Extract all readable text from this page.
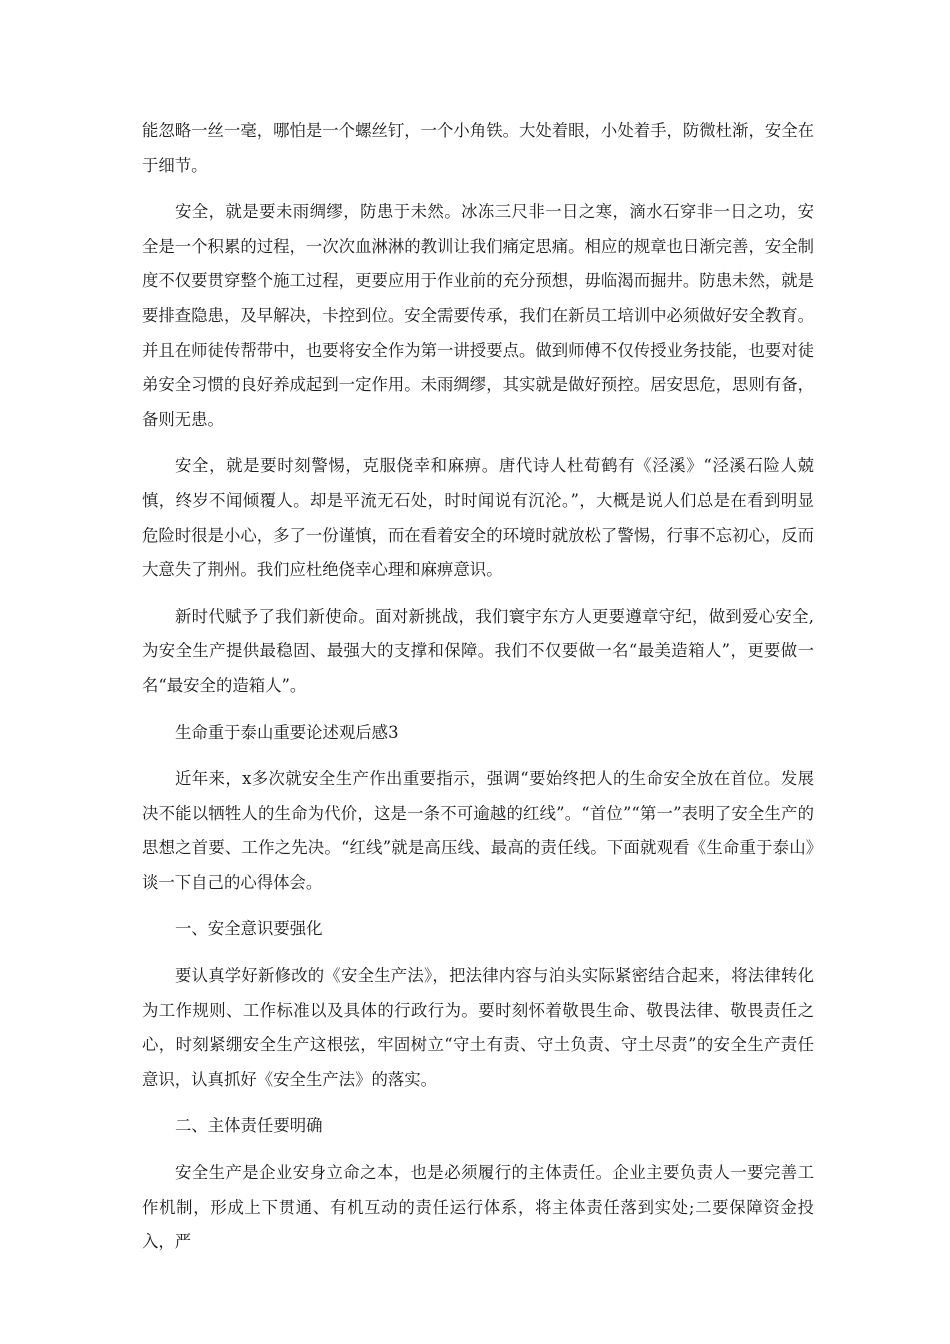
能忽略一丝一毫，哪怕是一个螺丝钉，一个小角铁。大处着眼，小处着手，防微杜渐，安全在于细节。

安全，就是要未雨绸缪，防患于未然。冰冻三尺非一日之寒，滴水石穿非一日之功，安全是一个积累的过程，一次次血淋淋的教训让我们痛定思痛。相应的规章也日渐完善，安全制度不仅要贯穿整个施工过程，更要应用于作业前的充分预想，毋临渴而掘井。防患未然，就是要排查隐患，及早解决，卡控到位。安全需要传承，我们在新员工培训中必须做好安全教育。并且在师徒传帮带中，也要将安全作为第一讲授要点。做到师傅不仅传授业务技能，也要对徒弟安全习惯的良好养成起到一定作用。未雨绸缪，其实就是做好预控。居安思危，思则有备，备则无患。

安全，就是要时刻警惕，克服侥幸和麻痹。唐代诗人杜荀鹤有《泾溪》“泾溪石险人兢慎，终岁不闻倾覆人。却是平流无石处，时时闻说有沉沦。”，大概是说人们总是在看到明显危险时很是小心，多了一份谨慎，而在看着安全的环境时就放松了警惕，行事不忘初心，反而大意失了荆州。我们应杜绝侥幸心理和麻痹意识。

新时代赋予了我们新使命。面对新挑战，我们寰宇东方人更要遵章守纪，做到爱心安全,为安全生产提供最稳固、最强大的支撑和保障。我们不仅要做一名“最美造箱人”，更要做一名“最安全的造箱人”。

生命重于泰山重要论述观后感3

近年来，x多次就安全生产作出重要指示，强调“要始终把人的生命安全放在首位。发展决不能以牺牲人的生命为代价，这是一条不可逾越的红线”。“首位”“第一”表明了安全生产的思想之首要、工作之先决。“红线”就是高压线、最高的责任线。下面就观看《生命重于泰山》谈一下自己的心得体会。

一、安全意识要强化

要认真学好新修改的《安全生产法》，把法律内容与泊头实际紧密结合起来，将法律转化为工作规则、工作标准以及具体的行政行为。要时刻怀着敬畏生命、敬畏法律、敬畏责任之心，时刻紧绷安全生产这根弦，牢固树立“守土有责、守土负责、守土尽责”的安全生产责任意识，认真抓好《安全生产法》的落实。

二、主体责任要明确

安全生产是企业安身立命之本，也是必须履行的主体责任。企业主要负责人一要完善工作机制，形成上下贯通、有机互动的责任运行体系，将主体责任落到实处;二要保障资金投入，严
